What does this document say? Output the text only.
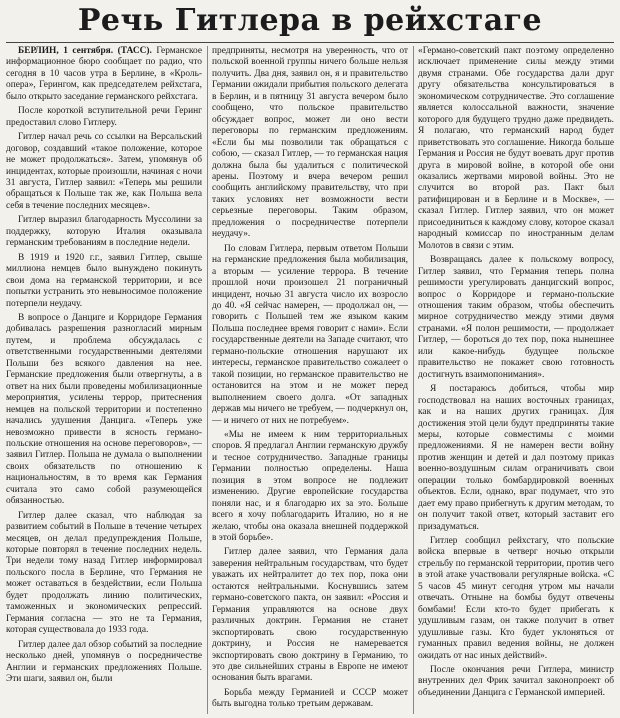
Речь Гитлера в рейхстаге

БЕРЛИН, 1 сентября. (ТАСС). Германское информационное бюро сообщает по радио, что сегодня в 10 часов утра в Берлине, в «Кроль-опера», Герингом, как председателем рейхстага, было открыто заседание германского рейхстага.

После короткой вступительной речи Геринг предоставил слово Гитлеру.

Гитлер начал речь со ссылки на Версальский договор, создавший «такое положение, которое не может продолжаться». Затем, упомянув об инцидентах, которые произошли, начиная с ночи 31 августа, Гитлер заявил: «Теперь мы решили обращаться к Польше так же, как Польша вела себя в течение последних месяцев».

Гитлер выразил благодарность Муссолини за поддержку, которую Италия оказывала германским требованиям в последние недели.

В 1919 и 1920 г.г., заявил Гитлер, свыше миллиона немцев было вынуждено покинуть свои дома на германской территории, и все попытки устранить это невыносимое положение потерпели неудачу.

В вопросе о Данциге и Корридоре Германия добивалась разрешения разногласий мирным путем, и проблема обсуждалась с ответственными государственными деятелями Польши без всякого давления на нее. Германские предложения были отвергнуты, а в ответ на них были проведены мобилизационные мероприятия, усилены террор, притеснения немцев на польской территории и постепенно начались удушения Данцига. «Теперь уже невозможно привести в ясность германо-польские отношения на основе переговоров», — заявил Гитлер. Польша не думала о выполнении своих обязательств по отношению к национальностям, в то время как Германия считала это само собой разумеющейся обязанностью.

Гитлер далее сказал, что наблюдая за развитием событий в Польше в течение четырех месяцев, он делал предупреждения Польше, которые повторял в течение последних недель. Три недели тому назад Гитлер информировал польского посла в Берлине, что Германия не может оставаться в бездействии, если Польша будет продолжать линию политических, таможенных и экономических репрессий. Германия согласна — это не та Германия, которая существовала до 1933 года.

Гитлер далее дал обзор событий за последние несколько дней, упомянув о посредничестве Англии и германских предложениях Польше. Эти шаги, заявил он, были

предприняты, несмотря на уверенность, что от польской военной группы ничего больше нельзя получить. Два дня, заявил он, я и правительство Германии ожидали прибытия польского делегата в Берлин, и в пятницу 31 августа вечером было сообщено, что польское правительство обсуждает вопрос, может ли оно вести переговоры по германским предложениям. «Если бы мы позволили так обращаться с собою, — сказал Гитлер, — то германская нация должна была бы удалиться с политической арены. Поэтому и вчера вечером решил сообщить английскому правительству, что при таких условиях нет возможности вести серьезные переговоры. Таким образом, предложения о посредничестве потерпели неудачу».

По словам Гитлера, первым ответом Польши на германские предложения была мобилизация, а вторым — усиление террора. В течение прошлой ночи произошел 21 пограничный инцидент, ночью 31 августа число их возросло до 40. «Я сейчас намерен, — продолжал он, — говорить с Польшей тем же языком каким Польша последнее время говорит с нами». Если государственные деятели на Западе считают, что германо-польские отношения нарушают их интересы, германское правительство сожалеет о такой позиции, но германское правительство не остановится на этом и не может перед выполнением своего долга. «От западных держав мы ничего не требуем, — подчеркнул он, — и ничего от них не потребуем».

«Мы не имеем к ним территориальных споров. Я предлагал Англии германскую дружбу и тесное сотрудничество. Западные границы Германии полностью определены. Наша позиция в этом вопросе не подлежит изменению. Другие европейские государства поняли нас, и я благодарю их за это. Больше всего я хочу поблагодарить Италию, но я не желаю, чтобы она оказала внешней поддержкой в этой борьбе».

Гитлер далее заявил, что Германия дала заверения нейтральным государствам, что будет уважать их нейтралитет до тех пор, пока они остаются нейтральными. Коснувшись затем германо-советского пакта, он заявил: «Россия и Германия управляются на основе двух различных доктрин. Германия не станет экспортировать свою государственную доктрину, и Россия не намеревается экспортировать свою доктрину в Германию, то это две сильнейших страны в Европе не имеют основания быть врагами.

Борьба между Германией и СССР может быть выгодна только третьим державам.

«Германо-советский пакт поэтому определенно исключает применение силы между этими двумя странами. Обе государства дали друг другу обязательства консультироваться в экономическом сотрудничестве. Это соглашение является колоссальной важности, значение которого для будущего трудно даже предвидеть. Я полагаю, что германский народ будет приветствовать это соглашение. Никогда больше Германия и Россия не будут воевать друг против друга в мировой войне, в которой обе они оказались жертвами мировой войны. Это не случится во второй раз. Пакт был ратифицирован и в Берлине и в Москве», — сказал Гитлер. Гитлер заявил, что он может присоединиться к каждому слову, которое сказал народный комиссар по иностранным делам Молотов в связи с этим.

Возвращаясь далее к польскому вопросу, Гитлер заявил, что Германия теперь полна решимости урегулировать данцигский вопрос, вопрос о Корридоре и германо-польские отношения таким образом, чтобы обеспечить мирное сотрудничество между этими двумя странами. «Я полон решимости, — продолжает Гитлер, — бороться до тех пор, пока нынешнее или какое-нибудь будущее польское правительство не покажет свою готовность достигнуть взаимопонимания».

Я постараюсь добиться, чтобы мир господствовал на наших восточных границах, как и на наших других границах. Для достижения этой цели будут предприняты такие меры, которые совместимы с моими предложениями. Я не намерен вести войну против женщин и детей и дал поэтому приказ военно-воздушным силам ограничивать свои операции только бомбардировкой военных объектов. Если, однако, враг подумает, что это дает ему право прибегнуть к другим методам, то он получит такой ответ, который заставит его призадуматься.

Гитлер сообщил рейхстагу, что польские войска впервые в четверг ночью открыли стрельбу по германской территории, против чего в этой атаке участвовали регулярные войска. «С 5 часов 45 минут сегодня утром мы начали отвечать. Отныне на бомбы будут отвечены бомбами! Если кто-то будет прибегать к удушливым газам, он также получит в ответ удушливые газы. Кто будет уклоняться от гуманных правил ведения войны, не должен ожидать от нас иных действий».

После окончания речи Гитлера, министр внутренних дел Фрик зачитал законопроект об объединении Данцига с Германской империей.
